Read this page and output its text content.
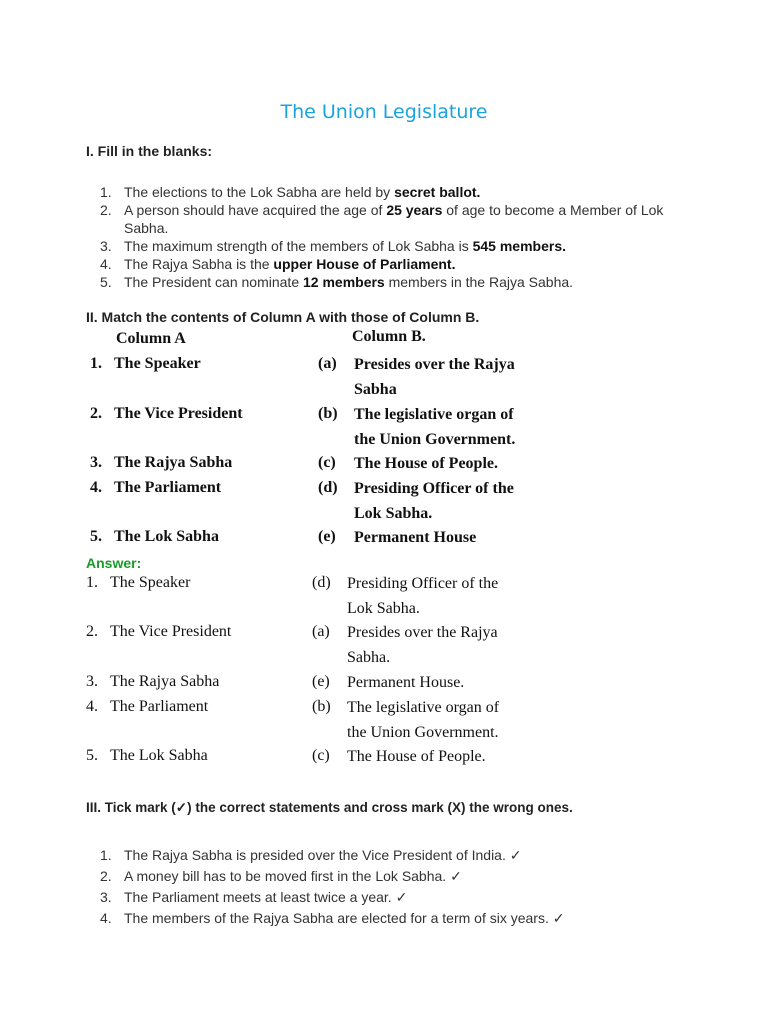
The Union Legislature
I. Fill in the blanks:
1. The elections to the Lok Sabha are held by secret ballot.
2. A person should have acquired the age of 25 years of age to become a Member of Lok Sabha.
3. The maximum strength of the members of Lok Sabha is 545 members.
4. The Rajya Sabha is the upper House of Parliament.
5. The President can nominate 12 members members in the Rajya Sabha.
II. Match the contents of Column A with those of Column B.
Column A	Column B.
1. The Speaker	(a) Presides over the Rajya
Sabha
2. The Vice President	(b) The legislative organ of
the Union Government.
3. The Rajya Sabha	(c) The House of People.
4. The Parliament	(d) Presiding Officer of the
Lok Sabha.
5. The Lok Sabha	(e) Permanent House
Answer:
1. The Speaker	(d) Presiding Officer of the
Lok Sabha.
2. The Vice President	(a) Presides over the Rajya
Sabha.
3. The Rajya Sabha	(e) Permanent House.
4. The Parliament	(b) The legislative organ of
the Union Government.
5. The Lok Sabha	(c) The House of People.
III. Tick mark (✓) the correct statements and cross mark (X) the wrong ones.
1. The Rajya Sabha is presided over the Vice President of India. ✓
2. A money bill has to be moved first in the Lok Sabha. ✓
3. The Parliament meets at least twice a year. ✓
4. The members of the Rajya Sabha are elected for a term of six years. ✓
